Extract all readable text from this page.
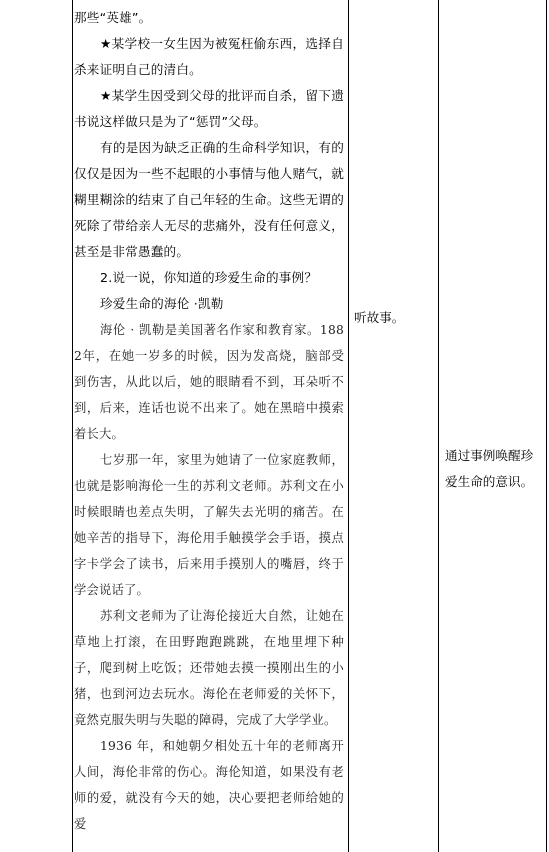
那些“英雄”。

★某学校一女生因为被冤枉偷东西，选择自杀来证明自己的清白。

★某学生因受到父母的批评而自杀，留下遗书说这样做只是为了“惩罚”父母。

有的是因为缺乏正确的生命科学知识，有的仅仅是因为一些不起眼的小事情与他人赌气，就糊里糊涂的结束了自己年轻的生命。这些无谓的死除了带给亲人无尽的悲痛外，没有任何意义，甚至是非常愚蠢的。

2.说一说，你知道的珍爱生命的事例？

珍爱生命的海伦 ·凯勒

海伦 · 凯勒是美国著名作家和教育家。1882年，在她一岁多的时候，因为发高烧，脑部受到伤害，从此以后，她的眼睛看不到，耳朵听不到，后来，连话也说不出来了。她在黑暗中摸索着长大。

七岁那一年，家里为她请了一位家庭教师，也就是影响海伦一生的苏利文老师。苏利文在小时候眼睛也差点失明，了解失去光明的痛苦。在她辛苦的指导下，海伦用手触摸学会手语，摸点字卡学会了读书，后来用手摸别人的嘴唇，终于学会说话了。

苏利文老师为了让海伦接近大自然，让她在草地上打滚，在田野跑跑跳跳，在地里埋下种子，爬到树上吃饭；还带她去摸一摸刚出生的小猪，也到河边去玩水。海伦在老师爱的关怀下，竟然克服失明与失聪的障碍，完成了大学学业。

1936 年，和她朝夕相处五十年的老师离开人间，海伦非常的伤心。海伦知道，如果没有老师的爱，就没有今天的她，决心要把老师给她的爱

听故事。
通过事例唤醒珍爱生命的意识。
